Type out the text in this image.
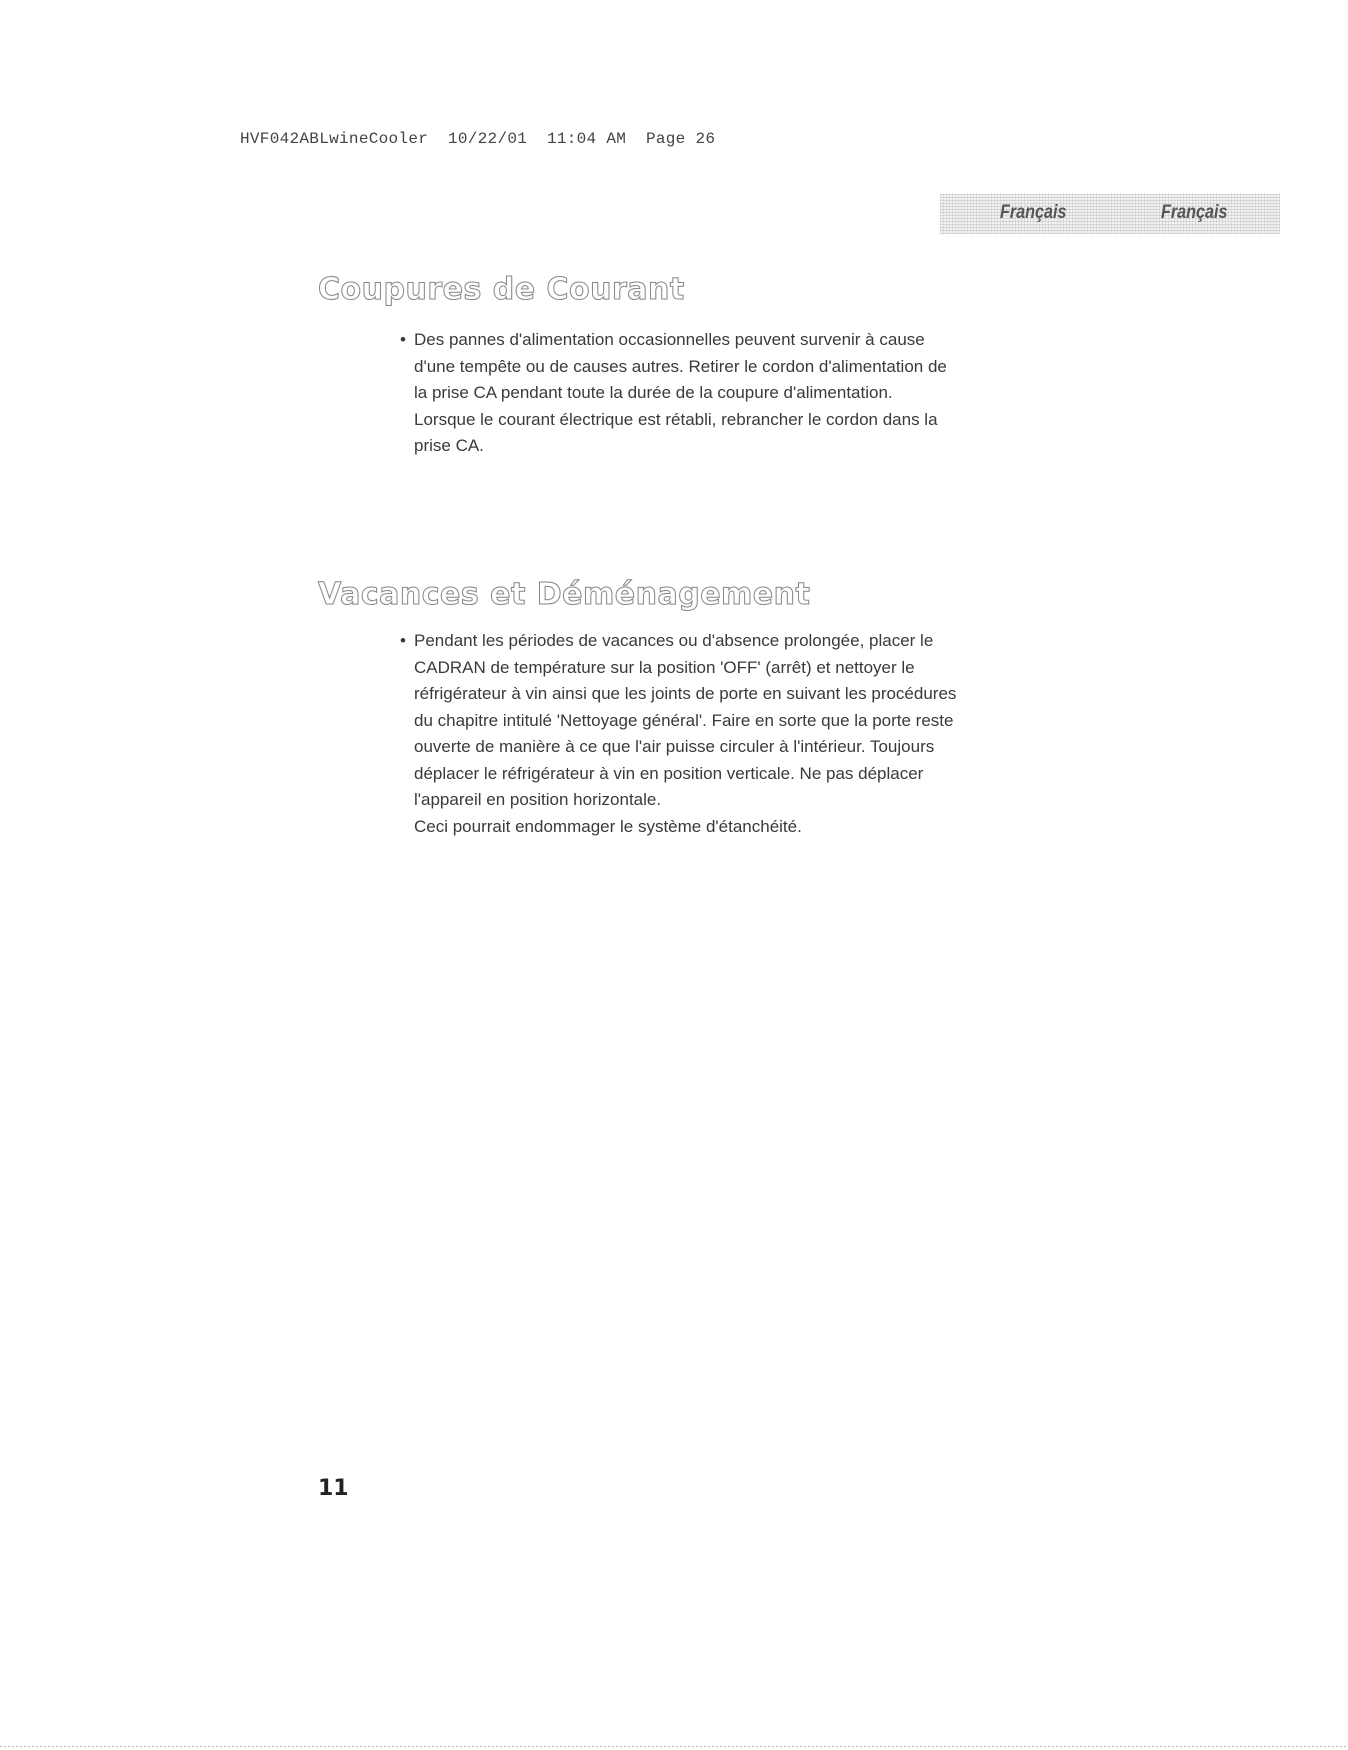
HVF042ABLwineCooler  10/22/01  11:04 AM  Page 26
Français	Français
Coupures de Courant
• Des pannes d'alimentation occasionnelles peuvent survenir à cause

d'une tempête ou de causes autres. Retirer le cordon d'alimentation de

la prise CA pendant toute la durée de la coupure d'alimentation.

Lorsque le courant électrique est rétabli, rebrancher le cordon dans la

prise CA.

Vacances et Déménagement
• Pendant les périodes de vacances ou d'absence prolongée, placer le

CADRAN de température sur la position 'OFF' (arrêt) et nettoyer le

réfrigérateur à vin ainsi que les joints de porte en suivant les procédures

du chapitre intitulé 'Nettoyage général'. Faire en sorte que la porte reste

ouverte de manière à ce que l'air puisse circuler à l'intérieur. Toujours

déplacer le réfrigérateur à vin en position verticale. Ne pas déplacer

l'appareil en position horizontale.

Ceci pourrait endommager le système d'étanchéité.

11
